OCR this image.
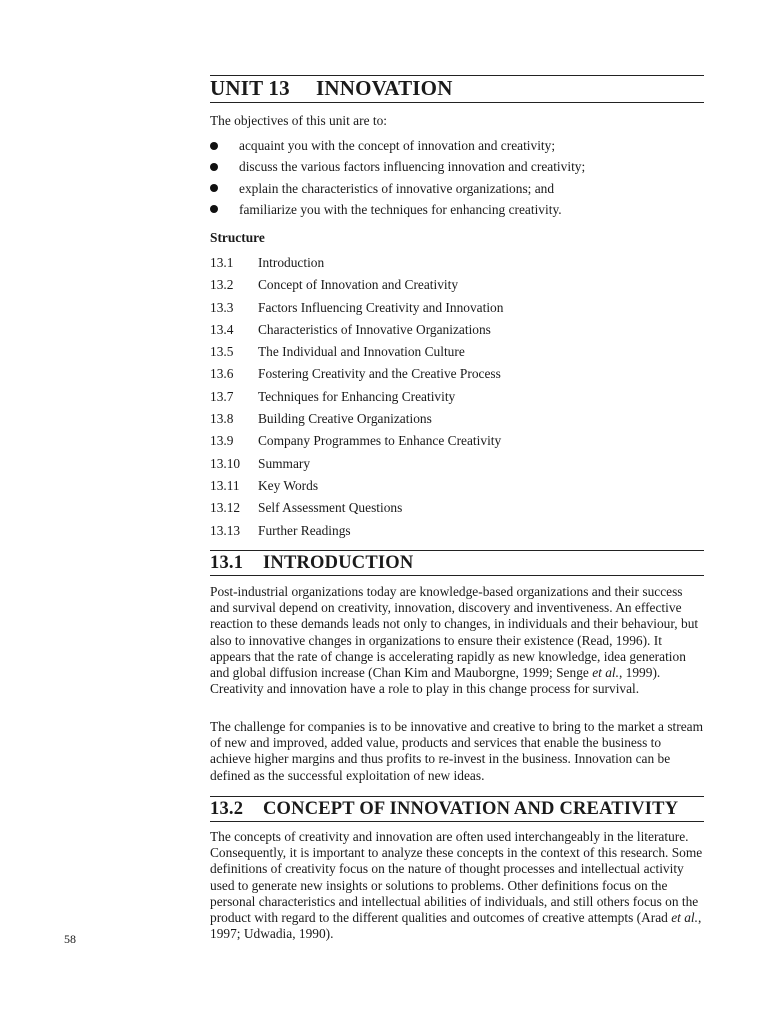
UNIT 13 INNOVATION

The objectives of this unit are to:

acquaint you with the concept of innovation and creativity;
discuss the various factors influencing innovation and creativity;
explain the characteristics of innovative organizations; and
familiarize you with the techniques for enhancing creativity.
Structure
13.1 Introduction
13.2 Concept of Innovation and Creativity
13.3 Factors Influencing Creativity and Innovation
13.4 Characteristics of Innovative Organizations
13.5 The Individual and Innovation Culture
13.6 Fostering Creativity and the Creative Process
13.7 Techniques for Enhancing Creativity
13.8 Building Creative Organizations
13.9 Company Programmes to Enhance Creativity
13.10 Summary
13.11 Key Words
13.12 Self Assessment Questions
13.13 Further Readings
13.1 INTRODUCTION

Post-industrial organizations today are knowledge-based organizations and their success and survival depend on creativity, innovation, discovery and inventiveness. An effective reaction to these demands leads not only to changes, in individuals and their behaviour, but also to innovative changes in organizations to ensure their existence (Read, 1996). It appears that the rate of change is accelerating rapidly as new knowledge, idea generation and global diffusion increase (Chan Kim and Mauborgne, 1999; Senge et al., 1999). Creativity and innovation have a role to play in this change process for survival.

The challenge for companies is to be innovative and creative to bring to the market a stream of new and improved, added value, products and services that enable the business to achieve higher margins and thus profits to re-invest in the business. Innovation can be defined as the successful exploitation of new ideas.

13.2 CONCEPT OF INNOVATION AND CREATIVITY

The concepts of creativity and innovation are often used interchangeably in the literature. Consequently, it is important to analyze these concepts in the context of this research. Some definitions of creativity focus on the nature of thought processes and intellectual activity used to generate new insights or solutions to problems. Other definitions focus on the personal characteristics and intellectual abilities of individuals, and still others focus on the product with regard to the different qualities and outcomes of creative attempts (Arad et al., 1997; Udwadia, 1990).

58
